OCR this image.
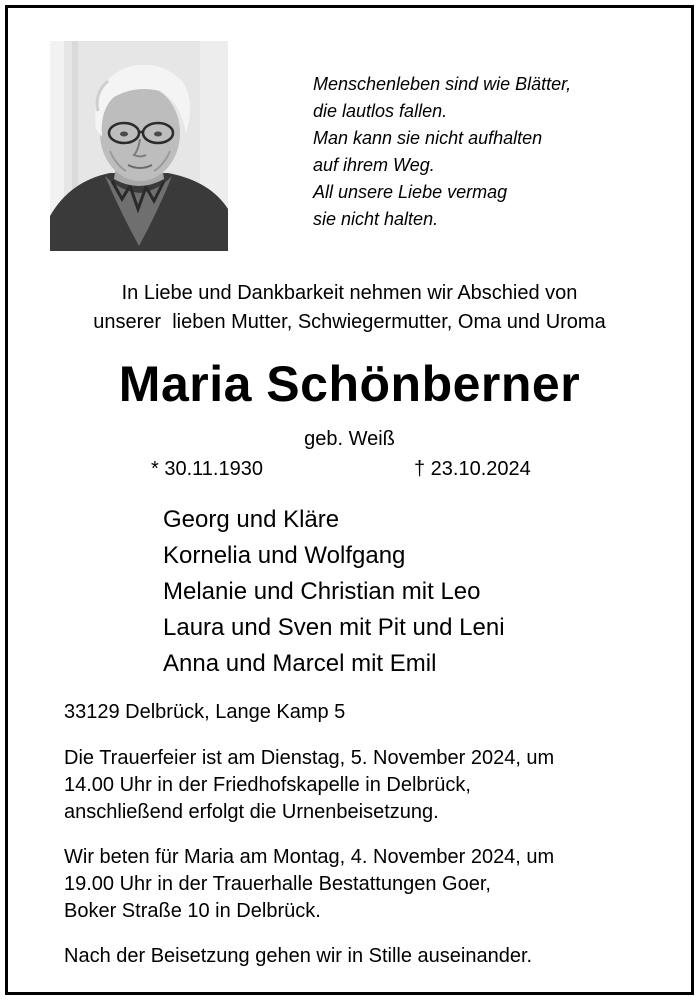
Menschenleben sind wie Blätter,
die lautlos fallen.
Man kann sie nicht aufhalten
auf ihrem Weg.
All unsere Liebe vermag
sie nicht halten.
In Liebe und Dankbarkeit nehmen wir Abschied von
unserer  lieben Mutter, Schwiegermutter, Oma und Uroma
Maria Schönberner
geb. Weiß
* 30.11.1930	† 23.10.2024
Georg und Kläre
Kornelia und Wolfgang
Melanie und Christian mit Leo
Laura und Sven mit Pit und Leni
Anna und Marcel mit Emil
33129 Delbrück, Lange Kamp 5
Die Trauerfeier ist am Dienstag, 5. November 2024, um
14.00 Uhr in der Friedhofskapelle in Delbrück,
anschließend erfolgt die Urnenbeisetzung.
Wir beten für Maria am Montag, 4. November 2024, um
19.00 Uhr in der Trauerhalle Bestattungen Goer,
Boker Straße 10 in Delbrück.
Nach der Beisetzung gehen wir in Stille auseinander.
